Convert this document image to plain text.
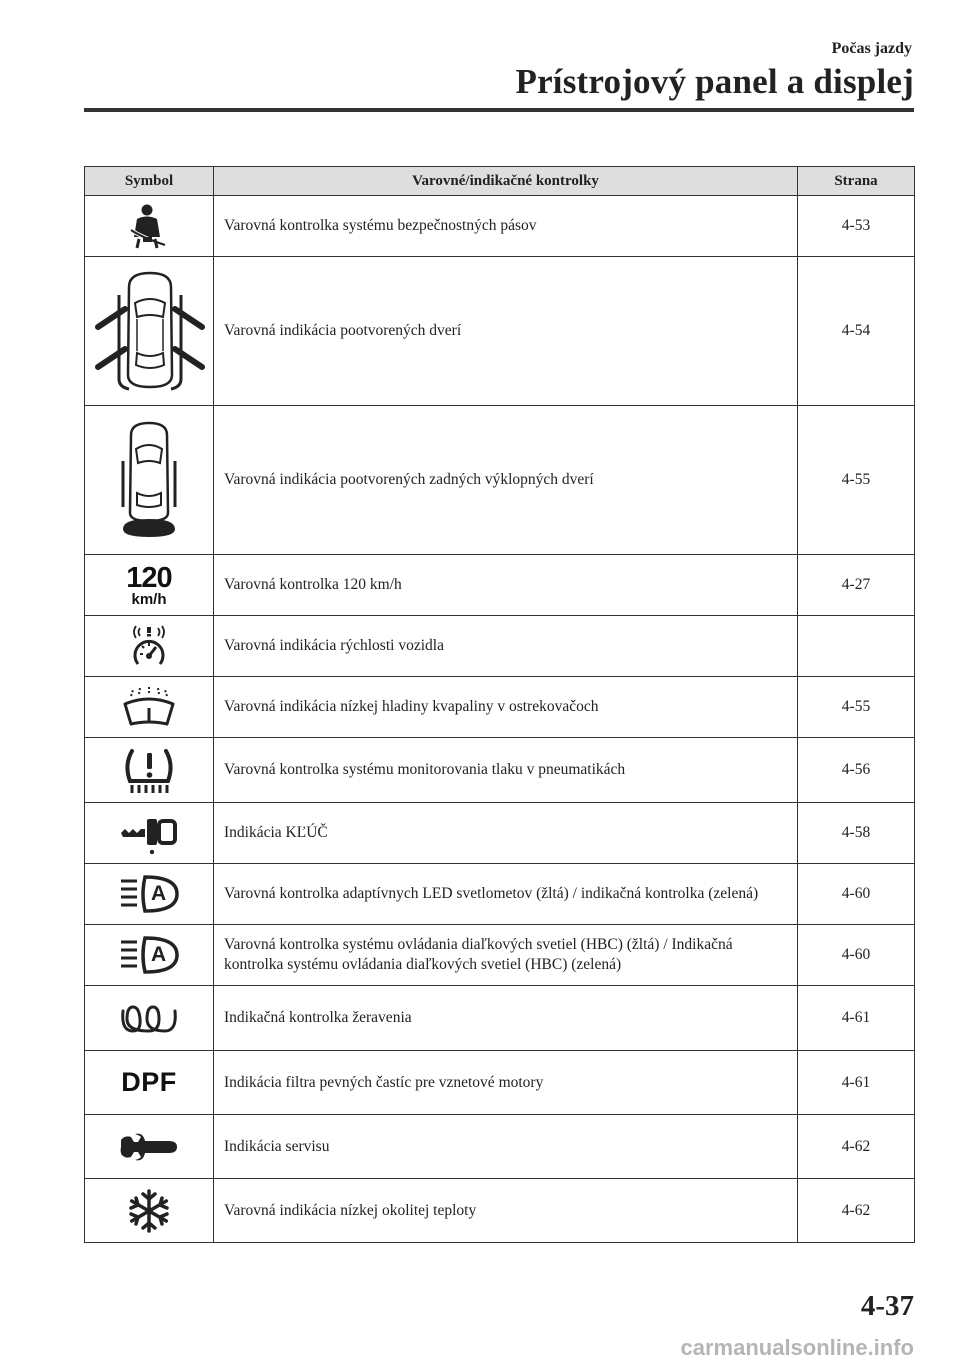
Počas jazdy
Prístrojový panel a displej
Symbol	Varovné/indikačné kontrolky	Strana
	Varovná kontrolka systému bezpečnostných pásov	4-53
	Varovná indikácia pootvorených dverí	4-54
	Varovná indikácia pootvorených zadných výklopných dverí	4-55

120
km/h	Varovná kontrolka 120 km/h	4-27
	Varovná indikácia rýchlosti vozidla	
	Varovná indikácia nízkej hladiny kvapaliny v ostrekovačoch	4-55
	Varovná kontrolka systému monitorovania tlaku v pneumatikách	4-56
	Indikácia KĽÚČ	4-58

A	Varovná kontrolka adaptívnych LED svetlometov (žltá) / indikačná kontrolka (zelená)	4-60

A	Varovná kontrolka systému ovládania diaľkových svetiel (HBC) (žltá) / Indikačná kontrolka systému ovládania diaľkových svetiel (HBC) (zelená)	4-60
	Indikačná kontrolka žeravenia	4-61
DPF	Indikácia filtra pevných častíc pre vznetové motory	4-61
	Indikácia servisu	4-62
	Varovná indikácia nízkej okolitej teploty	4-62
4-37
carmanualsonline.info
